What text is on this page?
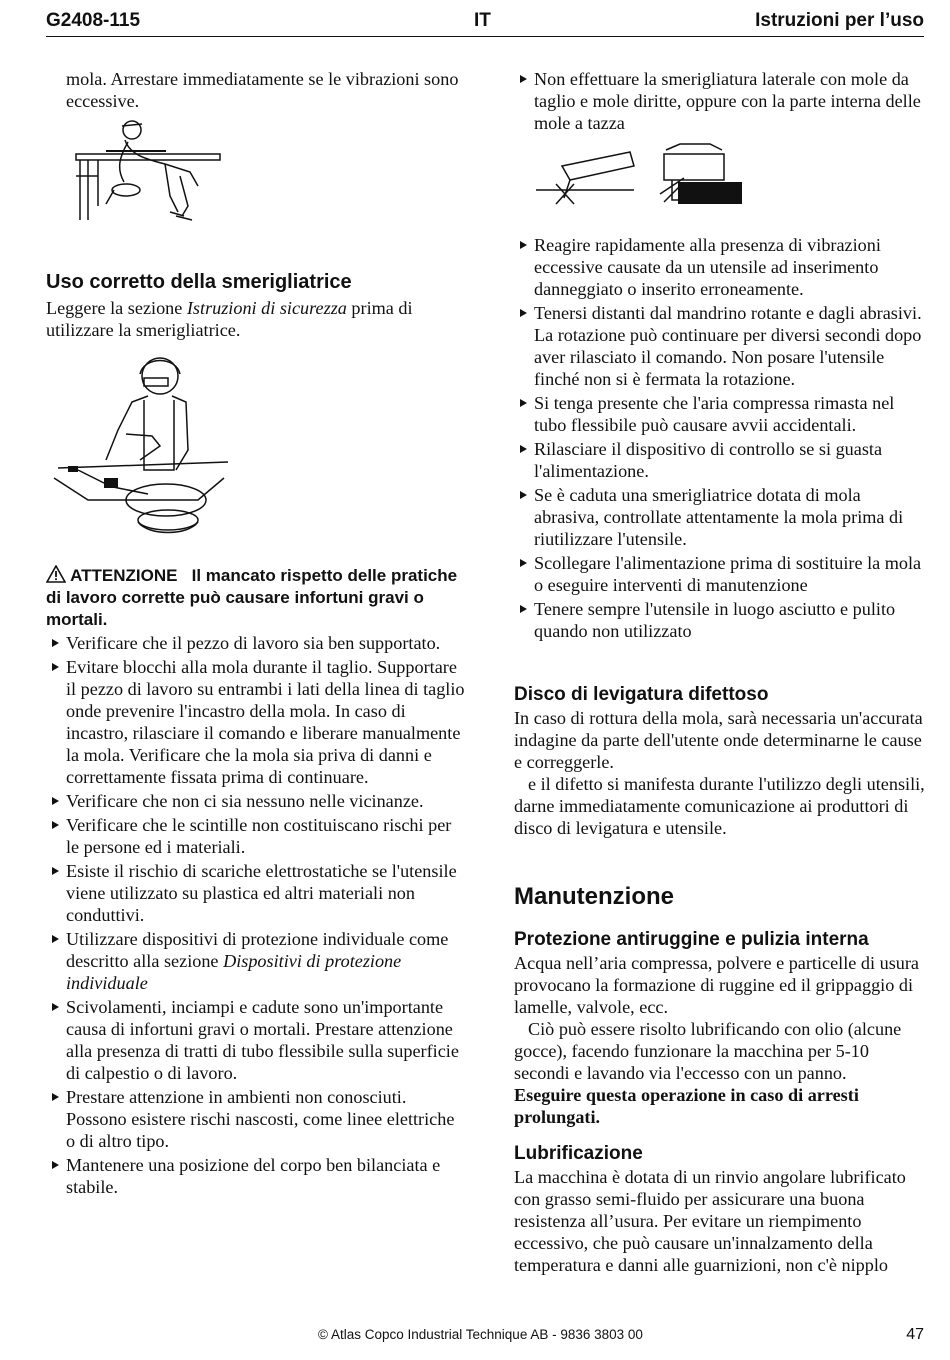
G2408-115	IT	Istruzioni per l’uso

mola. Arrestare immediatamente se le vibrazioni sono eccessive.

Uso corretto della smerigliatrice

Leggere la sezione Istruzioni di sicurezza prima di utilizzare la smerigliatrice.

ATTENZIONE Il mancato rispetto delle pratiche di lavoro corrette può causare infortuni gravi o mortali.

Verificare che il pezzo di lavoro sia ben supportato.
Evitare blocchi alla mola durante il taglio. Supportare il pezzo di lavoro su entrambi i lati della linea di taglio onde prevenire l'incastro della mola. In caso di incastro, rilasciare il comando e liberare manualmente la mola. Verificare che la mola sia priva di danni e correttamente fissata prima di continuare.
Verificare che non ci sia nessuno nelle vicinanze.
Verificare che le scintille non costituiscano rischi per le persone ed i materiali.
Esiste il rischio di scariche elettrostatiche se l'utensile viene utilizzato su plastica ed altri materiali non conduttivi.
Utilizzare dispositivi di protezione individuale come descritto alla sezione Dispositivi di protezione individuale
Scivolamenti, inciampi e cadute sono un'importante causa di infortuni gravi o mortali. Prestare attenzione alla presenza di tratti di tubo flessibile sulla superficie di calpestio o di lavoro.
Prestare attenzione in ambienti non conosciuti. Possono esistere rischi nascosti, come linee elettriche o di altro tipo.
Mantenere una posizione del corpo ben bilanciata e stabile.
Non effettuare la smerigliatura laterale con mole da taglio e mole diritte, oppure con la parte interna delle mole a tazza
Reagire rapidamente alla presenza di vibrazioni eccessive causate da un utensile ad inserimento danneggiato o inserito erroneamente.
Tenersi distanti dal mandrino rotante e dagli abrasivi. La rotazione può continuare per diversi secondi dopo aver rilasciato il comando. Non posare l'utensile finché non si è fermata la rotazione.
Si tenga presente che l'aria compressa rimasta nel tubo flessibile può causare avvii accidentali.
Rilasciare il dispositivo di controllo se si guasta l'alimentazione.
Se è caduta una smerigliatrice dotata di mola abrasiva, controllate attentamente la mola prima di riutilizzare l'utensile.
Scollegare l'alimentazione prima di sostituire la mola o eseguire interventi di manutenzione
Tenere sempre l'utensile in luogo asciutto e pulito quando non utilizzato

Disco di levigatura difettoso

In caso di rottura della mola, sarà necessaria un'accurata indagine da parte dell'utente onde determinarne le cause e correggerle.

e il difetto si manifesta durante l'utilizzo degli utensili, darne immediatamente comunicazione ai produttori di disco di levigatura e utensile.

Manutenzione

Protezione antiruggine e pulizia interna

Acqua nell’aria compressa, polvere e particelle di usura provocano la formazione di ruggine ed il grippaggio di lamelle, valvole, ecc.

Ciò può essere risolto lubrificando con olio (alcune gocce), facendo funzionare la macchina per 5-10 secondi e lavando via l'eccesso con un panno.

Eseguire questa operazione in caso di arresti prolungati.

Lubrificazione

La macchina è dotata di un rinvio angolare lubrificato con grasso semi-fluido per assicurare una buona resistenza all’usura. Per evitare un riempimento eccessivo, che può causare un'innalzamento della temperatura e danni alle guarnizioni, non c'è nipplo

© Atlas Copco Industrial Technique AB - 9836 3803 00	47
